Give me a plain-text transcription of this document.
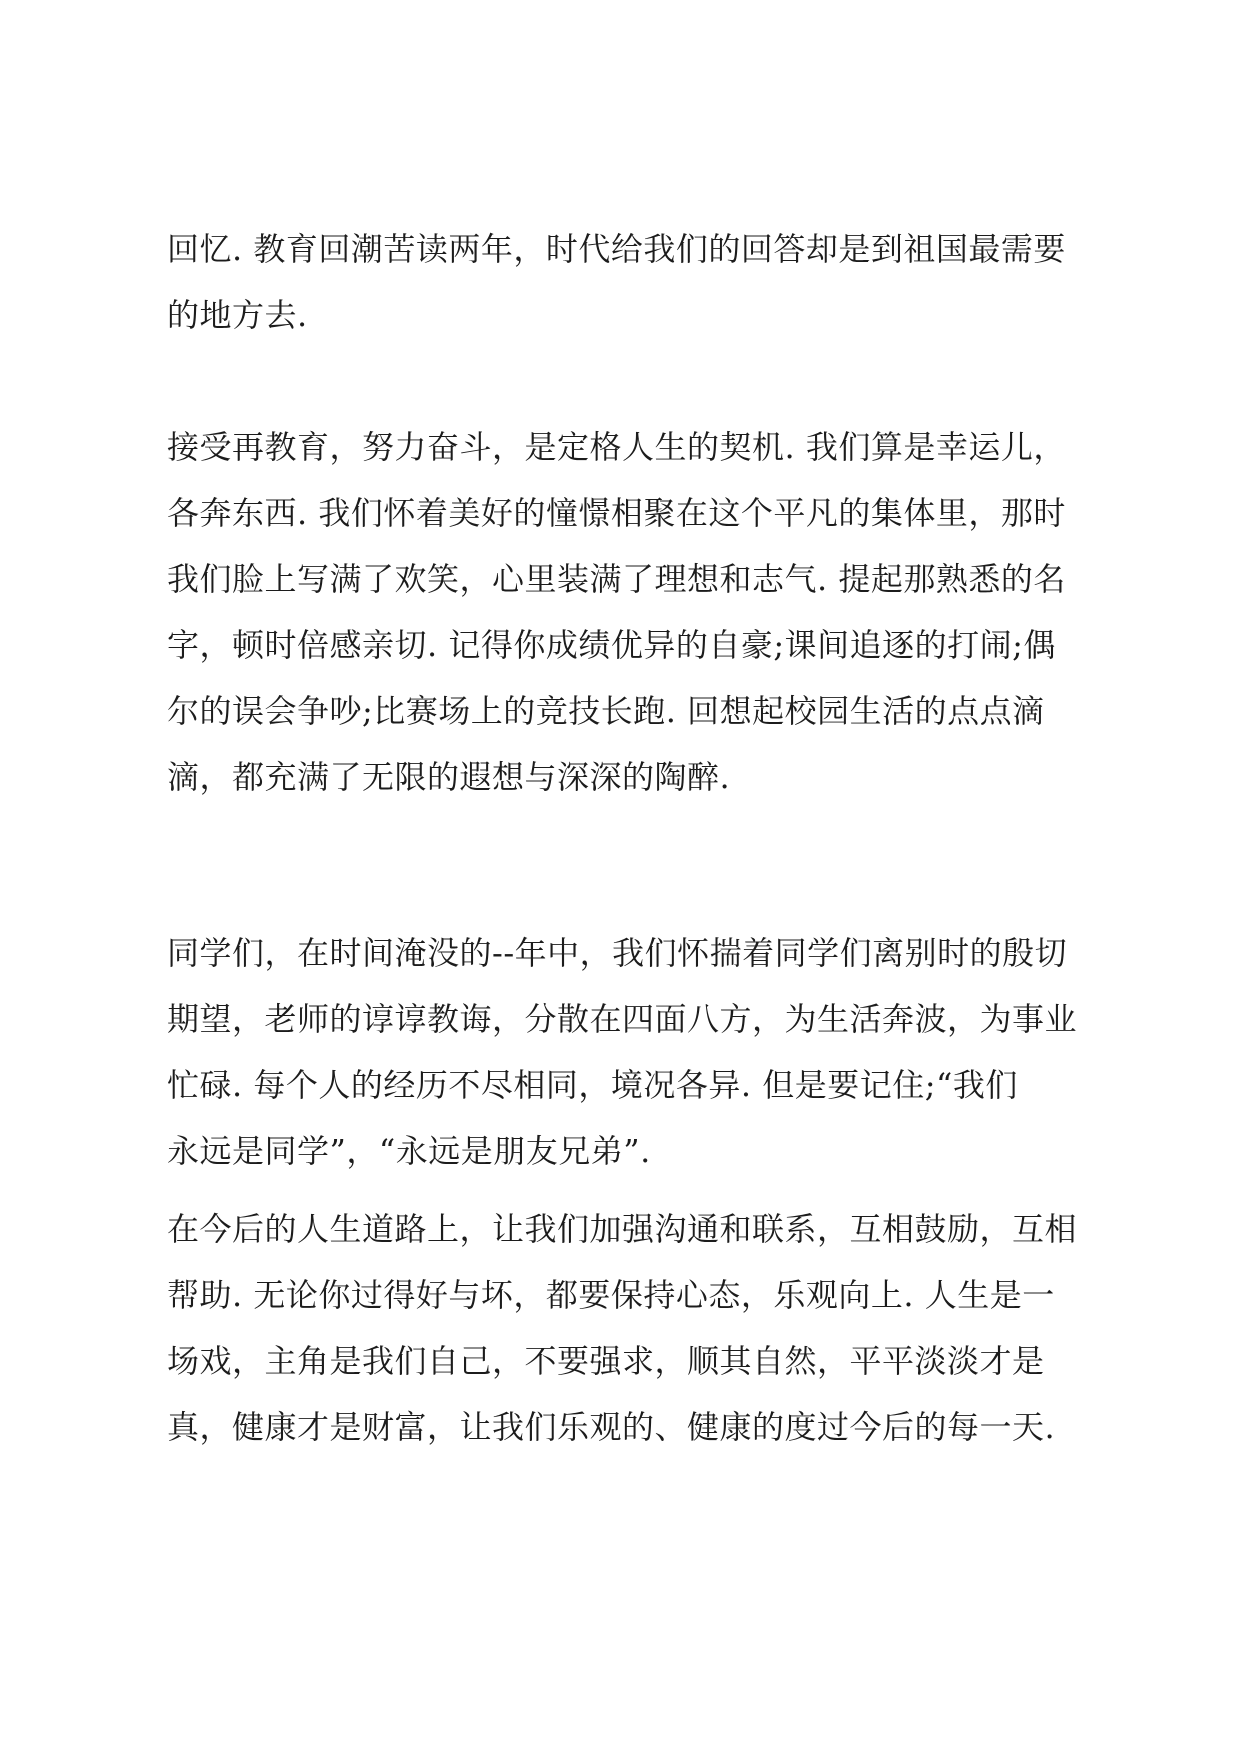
回忆. 教育回潮苦读两年，时代给我们的回答却是到祖国最需要
的地方去.
接受再教育，努力奋斗，是定格人生的契机. 我们算是幸运儿，
各奔东西. 我们怀着美好的憧憬相聚在这个平凡的集体里，那时
我们脸上写满了欢笑，心里装满了理想和志气. 提起那熟悉的名
字，顿时倍感亲切. 记得你成绩优异的自豪;课间追逐的打闹;偶
尔的误会争吵;比赛场上的竞技长跑. 回想起校园生活的点点滴
滴，都充满了无限的遐想与深深的陶醉.
同学们，在时间淹没的--年中，我们怀揣着同学们离别时的殷切
期望，老师的谆谆教诲，分散在四面八方，为生活奔波，为事业
忙碌. 每个人的经历不尽相同，境况各异. 但是要记住;“我们
永远是同学”，“永远是朋友兄弟”.
在今后的人生道路上，让我们加强沟通和联系，互相鼓励，互相
帮助. 无论你过得好与坏，都要保持心态，乐观向上. 人生是一
场戏，主角是我们自己，不要强求，顺其自然，平平淡淡才是
真，健康才是财富，让我们乐观的、健康的度过今后的每一天.
